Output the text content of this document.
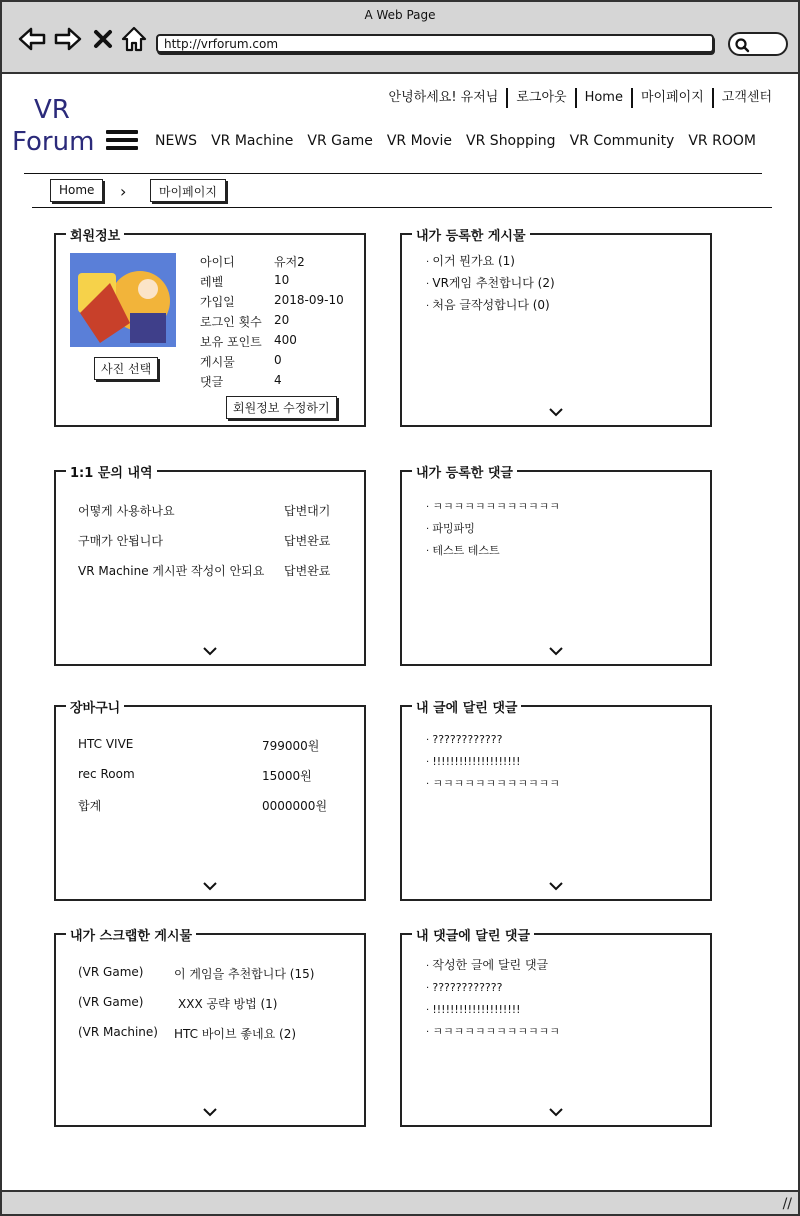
A Web Page
http://vrforum.com
VR
Forum
안녕하세요! 유저님	로그아웃	Home	마이페이지	고객센터
NEWS VR Machine VR Game VR Movie VR Shopping VR Community VR ROOM
Home	›	마이페이지
회원정보
사진 선택
아이디	유저2
레벨	10
가입일	2018-09-10
로그인 횟수 20
보유 포인트 400
게시물	0
댓글	4
회원정보 수정하기
내가 등록한 게시물
· 이거 뭔가요 (1)
· VR게임 추천합니다 (2)
· 처음 글작성합니다 (0)
1:1 문의 내역
어떻게 사용하나요	답변대기
구매가 안됩니다	답변완료
VR Machine 게시판 작성이 안되요 답변완료
내가 등록한 댓글
· ㅋㅋㅋㅋㅋㅋㅋㅋㅋㅋㅋㅋ
· 파밍파밍
· 테스트 테스트
장바구니
HTC VIVE	799000원
rec Room	15000원
합계	0000000원
내 글에 달린 댓글
· ????????????
· !!!!!!!!!!!!!!!!!!!!
· ㅋㅋㅋㅋㅋㅋㅋㅋㅋㅋㅋㅋ
내가 스크랩한 게시물
(VR Game)	이 게임을 추천합니다 (15)
(VR Game)	XXX 공략 방법 (1)
(VR Machine) HTC 바이브 좋네요 (2)
내 댓글에 달린 댓글
· 작성한 글에 달린 댓글
· ????????????
· !!!!!!!!!!!!!!!!!!!!
· ㅋㅋㅋㅋㅋㅋㅋㅋㅋㅋㅋㅋ
//
